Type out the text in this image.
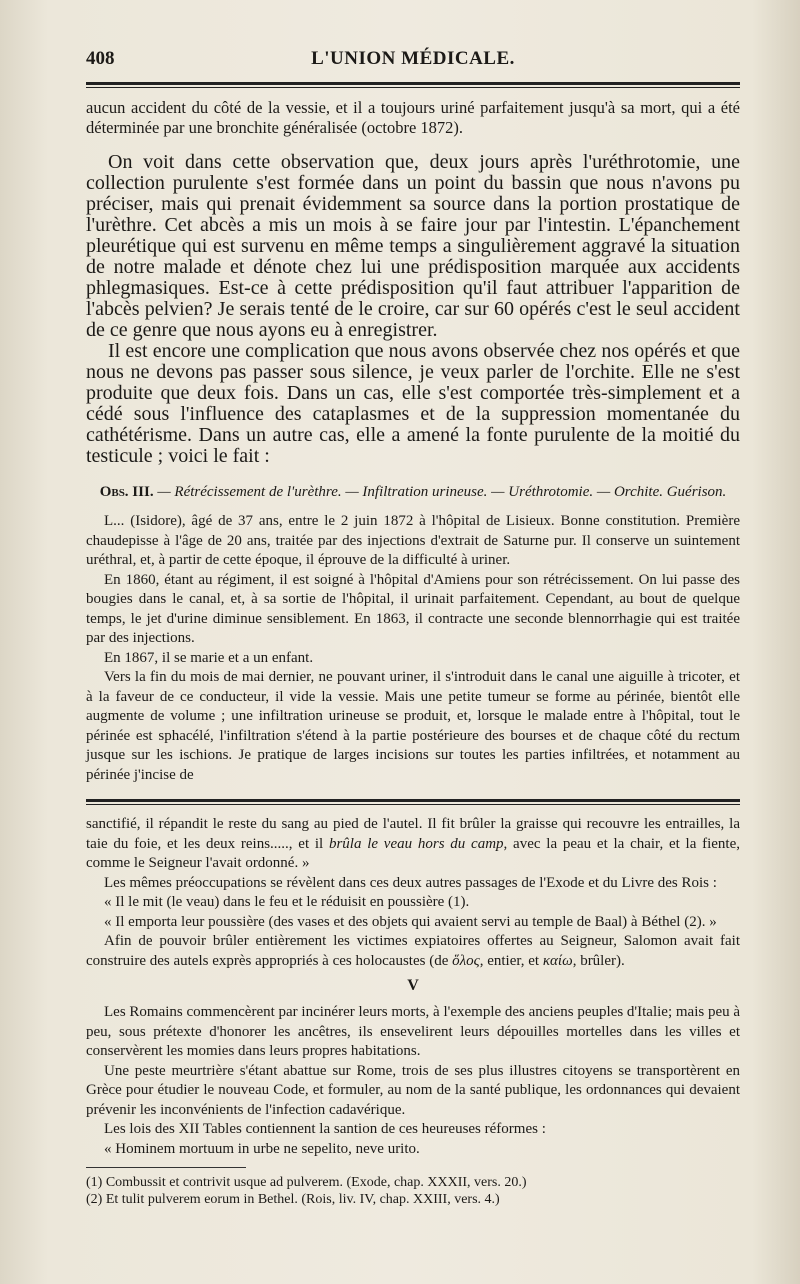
408	L'UNION MÉDICALE.

aucun accident du côté de la vessie, et il a toujours uriné parfaitement jusqu'à sa mort, qui a été déterminée par une bronchite généralisée (octobre 1872).

On voit dans cette observation que, deux jours après l'uréthrotomie, une collection purulente s'est formée dans un point du bassin que nous n'avons pu préciser, mais qui prenait évidemment sa source dans la portion prostatique de l'urèthre. Cet abcès a mis un mois à se faire jour par l'intestin. L'épanchement pleurétique qui est survenu en même temps a singulièrement aggravé la situation de notre malade et dénote chez lui une prédisposition marquée aux accidents phlegmasiques. Est-ce à cette prédisposition qu'il faut attribuer l'apparition de l'abcès pelvien? Je serais tenté de le croire, car sur 60 opérés c'est le seul accident de ce genre que nous ayons eu à enregistrer.

Il est encore une complication que nous avons observée chez nos opérés et que nous ne devons pas passer sous silence, je veux parler de l'orchite. Elle ne s'est produite que deux fois. Dans un cas, elle s'est comportée très-simplement et a cédé sous l'influence des cataplasmes et de la suppression momentanée du cathétérisme. Dans un autre cas, elle a amené la fonte purulente de la moitié du testicule ; voici le fait :

Obs. III. — Rétrécissement de l'urèthre. — Infiltration urineuse. — Uréthrotomie. — Orchite. Guérison.

L... (Isidore), âgé de 37 ans, entre le 2 juin 1872 à l'hôpital de Lisieux. Bonne constitution. Première chaudepisse à l'âge de 20 ans, traitée par des injections d'extrait de Saturne pur. Il conserve un suintement uréthral, et, à partir de cette époque, il éprouve de la difficulté à uriner.

En 1860, étant au régiment, il est soigné à l'hôpital d'Amiens pour son rétrécissement. On lui passe des bougies dans le canal, et, à sa sortie de l'hôpital, il urinait parfaitement. Cependant, au bout de quelque temps, le jet d'urine diminue sensiblement. En 1863, il contracte une seconde blennorrhagie qui est traitée par des injections.

En 1867, il se marie et a un enfant.

Vers la fin du mois de mai dernier, ne pouvant uriner, il s'introduit dans le canal une aiguille à tricoter, et à la faveur de ce conducteur, il vide la vessie. Mais une petite tumeur se forme au périnée, bientôt elle augmente de volume ; une infiltration urineuse se produit, et, lorsque le malade entre à l'hôpital, tout le périnée est sphacélé, l'infiltration s'étend à la partie postérieure des bourses et de chaque côté du rectum jusque sur les ischions. Je pratique de larges incisions sur toutes les parties infiltrées, et notamment au périnée j'incise de

sanctifié, il répandit le reste du sang au pied de l'autel. Il fit brûler la graisse qui recouvre les entrailles, la taie du foie, et les deux reins....., et il brûla le veau hors du camp, avec la peau et la chair, et la fiente, comme le Seigneur l'avait ordonné. »

Les mêmes préoccupations se révèlent dans ces deux autres passages de l'Exode et du Livre des Rois :

« Il le mit (le veau) dans le feu et le réduisit en poussière (1).

« Il emporta leur poussière (des vases et des objets qui avaient servi au temple de Baal) à Béthel (2). »

Afin de pouvoir brûler entièrement les victimes expiatoires offertes au Seigneur, Salomon avait fait construire des autels exprès appropriés à ces holocaustes (de ὅλος, entier, et καίω, brûler).

V

Les Romains commencèrent par incinérer leurs morts, à l'exemple des anciens peuples d'Italie; mais peu à peu, sous prétexte d'honorer les ancêtres, ils ensevelirent leurs dépouilles mortelles dans les villes et conservèrent les momies dans leurs propres habitations.

Une peste meurtrière s'étant abattue sur Rome, trois de ses plus illustres citoyens se transportèrent en Grèce pour étudier le nouveau Code, et formuler, au nom de la santé publique, les ordonnances qui devaient prévenir les inconvénients de l'infection cadavérique.

Les lois des XII Tables contiennent la santion de ces heureuses réformes :

« Hominem mortuum in urbe ne sepelito, neve urito.

(1) Combussit et contrivit usque ad pulverem. (Exode, chap. XXXII, vers. 20.)

(2) Et tulit pulverem eorum in Bethel. (Rois, liv. IV, chap. XXIII, vers. 4.)
